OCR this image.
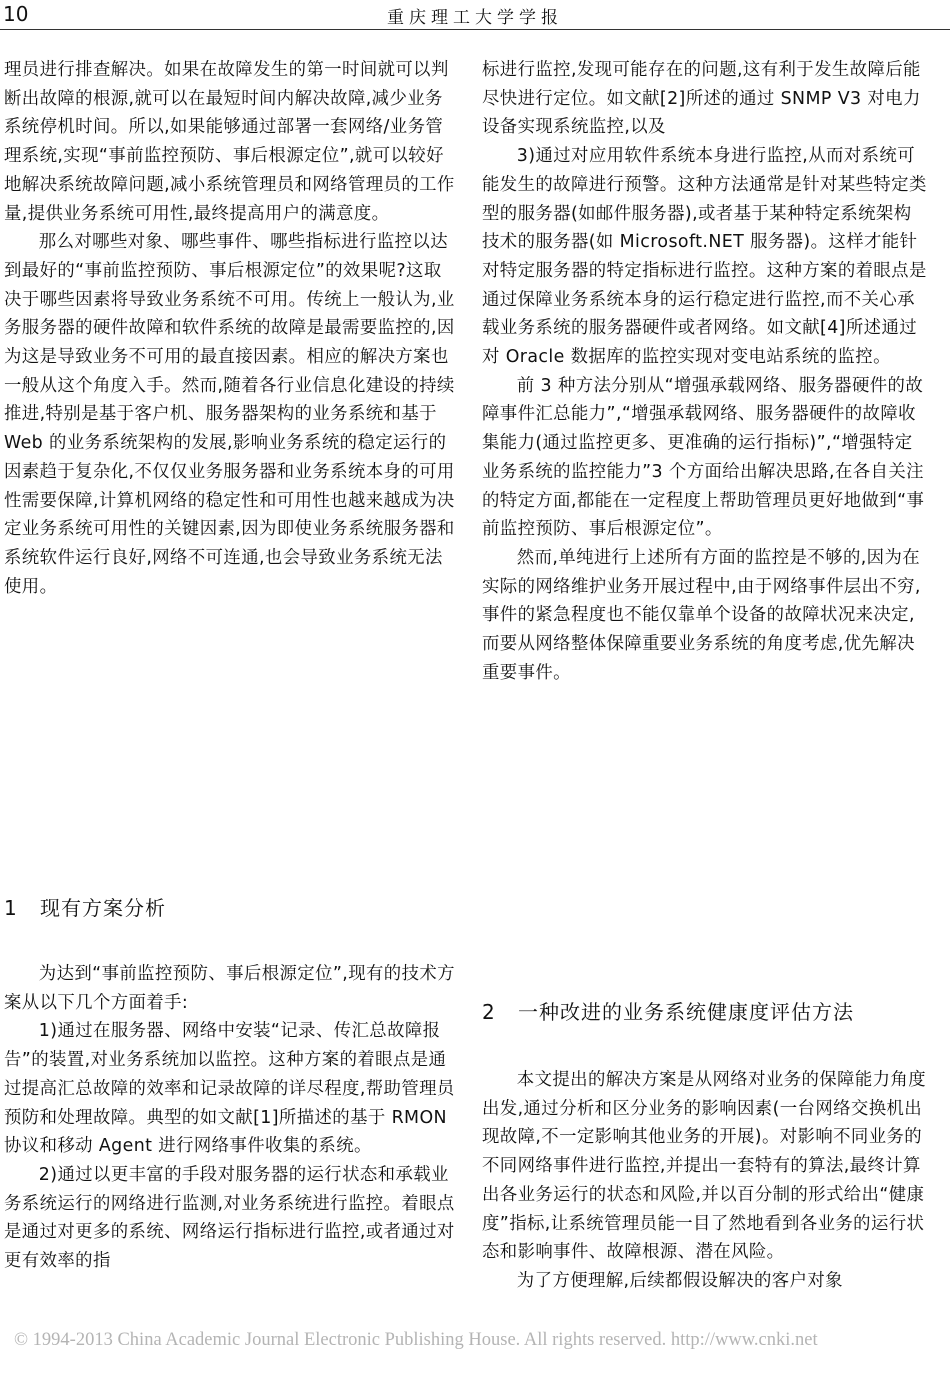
10	重庆理工大学学报

理员进行排查解决。如果在故障发生的第一时间就可以判断出故障的根源,就可以在最短时间内解决故障,减少业务系统停机时间。所以,如果能够通过部署一套网络/业务管理系统,实现“事前监控预防、事后根源定位”,就可以较好地解决系统故障问题,减小系统管理员和网络管理员的工作量,提供业务系统可用性,最终提高用户的满意度。

那么对哪些对象、哪些事件、哪些指标进行监控以达到最好的“事前监控预防、事后根源定位”的效果呢?这取决于哪些因素将导致业务系统不可用。传统上一般认为,业务服务器的硬件故障和软件系统的故障是最需要监控的,因为这是导致业务不可用的最直接因素。相应的解决方案也一般从这个角度入手。然而,随着各行业信息化建设的持续推进,特别是基于客户机、服务器架构的业务系统和基于 Web 的业务系统架构的发展,影响业务系统的稳定运行的因素趋于复杂化,不仅仅业务服务器和业务系统本身的可用性需要保障,计算机网络的稳定性和可用性也越来越成为决定业务系统可用性的关键因素,因为即使业务系统服务器和系统软件运行良好,网络不可连通,也会导致业务系统无法使用。

1 现有方案分析

为达到“事前监控预防、事后根源定位”,现有的技术方案从以下几个方面着手:

1)通过在服务器、网络中安装“记录、传汇总故障报告”的装置,对业务系统加以监控。这种方案的着眼点是通过提高汇总故障的效率和记录故障的详尽程度,帮助管理员预防和处理故障。典型的如文献[1]所描述的基于 RMON 协议和移动 Agent 进行网络事件收集的系统。

2)通过以更丰富的手段对服务器的运行状态和承载业务系统运行的网络进行监测,对业务系统进行监控。着眼点是通过对更多的系统、网络运行指标进行监控,或者通过对更有效率的指

标进行监控,发现可能存在的问题,这有利于发生故障后能尽快进行定位。如文献[2]所述的通过 SNMP V3 对电力设备实现系统监控,以及

3)通过对应用软件系统本身进行监控,从而对系统可能发生的故障进行预警。这种方法通常是针对某些特定类型的服务器(如邮件服务器),或者基于某种特定系统架构技术的服务器(如 Microsoft.NET 服务器)。这样才能针对特定服务器的特定指标进行监控。这种方案的着眼点是通过保障业务系统本身的运行稳定进行监控,而不关心承载业务系统的服务器硬件或者网络。如文献[4]所述通过对 Oracle 数据库的监控实现对变电站系统的监控。

前 3 种方法分别从“增强承载网络、服务器硬件的故障事件汇总能力”,“增强承载网络、服务器硬件的故障收集能力(通过监控更多、更准确的运行指标)”,“增强特定业务系统的监控能力”3 个方面给出解决思路,在各自关注的特定方面,都能在一定程度上帮助管理员更好地做到“事前监控预防、事后根源定位”。

然而,单纯进行上述所有方面的监控是不够的,因为在实际的网络维护业务开展过程中,由于网络事件层出不穷,事件的紧急程度也不能仅靠单个设备的故障状况来决定,而要从网络整体保障重要业务系统的角度考虑,优先解决重要事件。

2 一种改进的业务系统健康度评估方法

本文提出的解决方案是从网络对业务的保障能力角度出发,通过分析和区分业务的影响因素(一台网络交换机出现故障,不一定影响其他业务的开展)。对影响不同业务的不同网络事件进行监控,并提出一套特有的算法,最终计算出各业务运行的状态和风险,并以百分制的形式给出“健康度”指标,让系统管理员能一目了然地看到各业务的运行状态和影响事件、故障根源、潜在风险。

为了方便理解,后续都假设解决的客户对象

© 1994-2013 China Academic Journal Electronic Publishing House. All rights reserved. http://www.cnki.net
